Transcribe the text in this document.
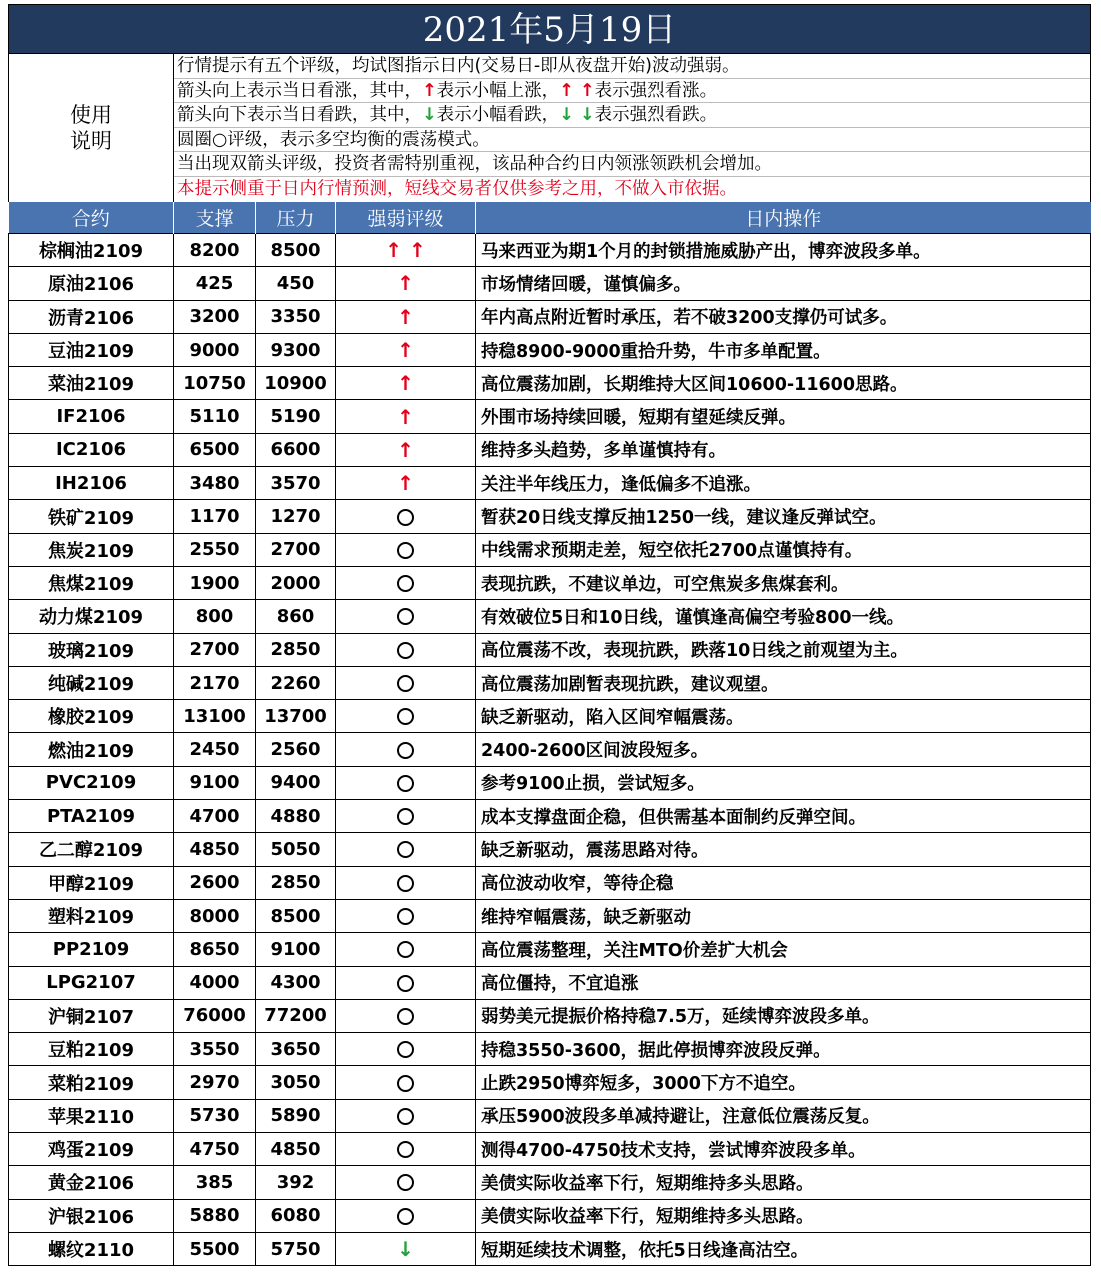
2021年5月19日
使用
说明
行情提示有五个评级，均试图指示日内(交易日-即从夜盘开始)波动强弱。
箭头向上表示当日看涨，其中，↑表示小幅上涨，↑ ↑表示强烈看涨。
箭头向下表示当日看跌，其中，↓表示小幅看跌，↓ ↓表示强烈看跌。
圆圈○评级，表示多空均衡的震荡模式。
当出现双箭头评级，投资者需特别重视，该品种合约日内领涨领跌机会增加。
本提示侧重于日内行情预测，短线交易者仅供参考之用，不做入市依据。
合约	支撑	压力	强弱评级	日内操作
棕榈油2109	8200	8500	↑ ↑	马来西亚为期1个月的封锁措施威胁产出，博弈波段多单。
原油2106	425	450	↑	市场情绪回暖，谨慎偏多。
沥青2106	3200	3350	↑	年内高点附近暂时承压，若不破3200支撑仍可试多。
豆油2109	9000	9300	↑	持稳8900-9000重拾升势，牛市多单配置。
菜油2109	10750	10900	↑	高位震荡加剧，长期维持大区间10600-11600思路。
IF2106	5110	5190	↑	外围市场持续回暖，短期有望延续反弹。
IC2106	6500	6600	↑	维持多头趋势，多单谨慎持有。
IH2106	3480	3570	↑	关注半年线压力，逢低偏多不追涨。
铁矿2109	1170	1270		暂获20日线支撑反抽1250一线，建议逢反弹试空。
焦炭2109	2550	2700		中线需求预期走差，短空依托2700点谨慎持有。
焦煤2109	1900	2000		表现抗跌，不建议单边，可空焦炭多焦煤套利。
动力煤2109	800	860		有效破位5日和10日线，谨慎逢高偏空考验800一线。
玻璃2109	2700	2850		高位震荡不改，表现抗跌，跌落10日线之前观望为主。
纯碱2109	2170	2260		高位震荡加剧暂表现抗跌，建议观望。
橡胶2109	13100	13700		缺乏新驱动，陷入区间窄幅震荡。
燃油2109	2450	2560		2400-2600区间波段短多。
PVC2109	9100	9400		参考9100止损，尝试短多。
PTA2109	4700	4880		成本支撑盘面企稳，但供需基本面制约反弹空间。
乙二醇2109	4850	5050		缺乏新驱动，震荡思路对待。
甲醇2109	2600	2850		高位波动收窄，等待企稳
塑料2109	8000	8500		维持窄幅震荡，缺乏新驱动
PP2109	8650	9100		高位震荡整理，关注MTO价差扩大机会
LPG2107	4000	4300		高位僵持，不宜追涨
沪铜2107	76000	77200		弱势美元提振价格持稳7.5万，延续博弈波段多单。
豆粕2109	3550	3650		持稳3550-3600，据此停损博弈波段反弹。
菜粕2109	2970	3050		止跌2950博弈短多，3000下方不追空。
苹果2110	5730	5890		承压5900波段多单减持避让，注意低位震荡反复。
鸡蛋2109	4750	4850		测得4700-4750技术支持，尝试博弈波段多单。
黄金2106	385	392		美债实际收益率下行，短期维持多头思路。
沪银2106	5880	6080		美债实际收益率下行，短期维持多头思路。
螺纹2110	5500	5750	↓	短期延续技术调整，依托5日线逢高沽空。
